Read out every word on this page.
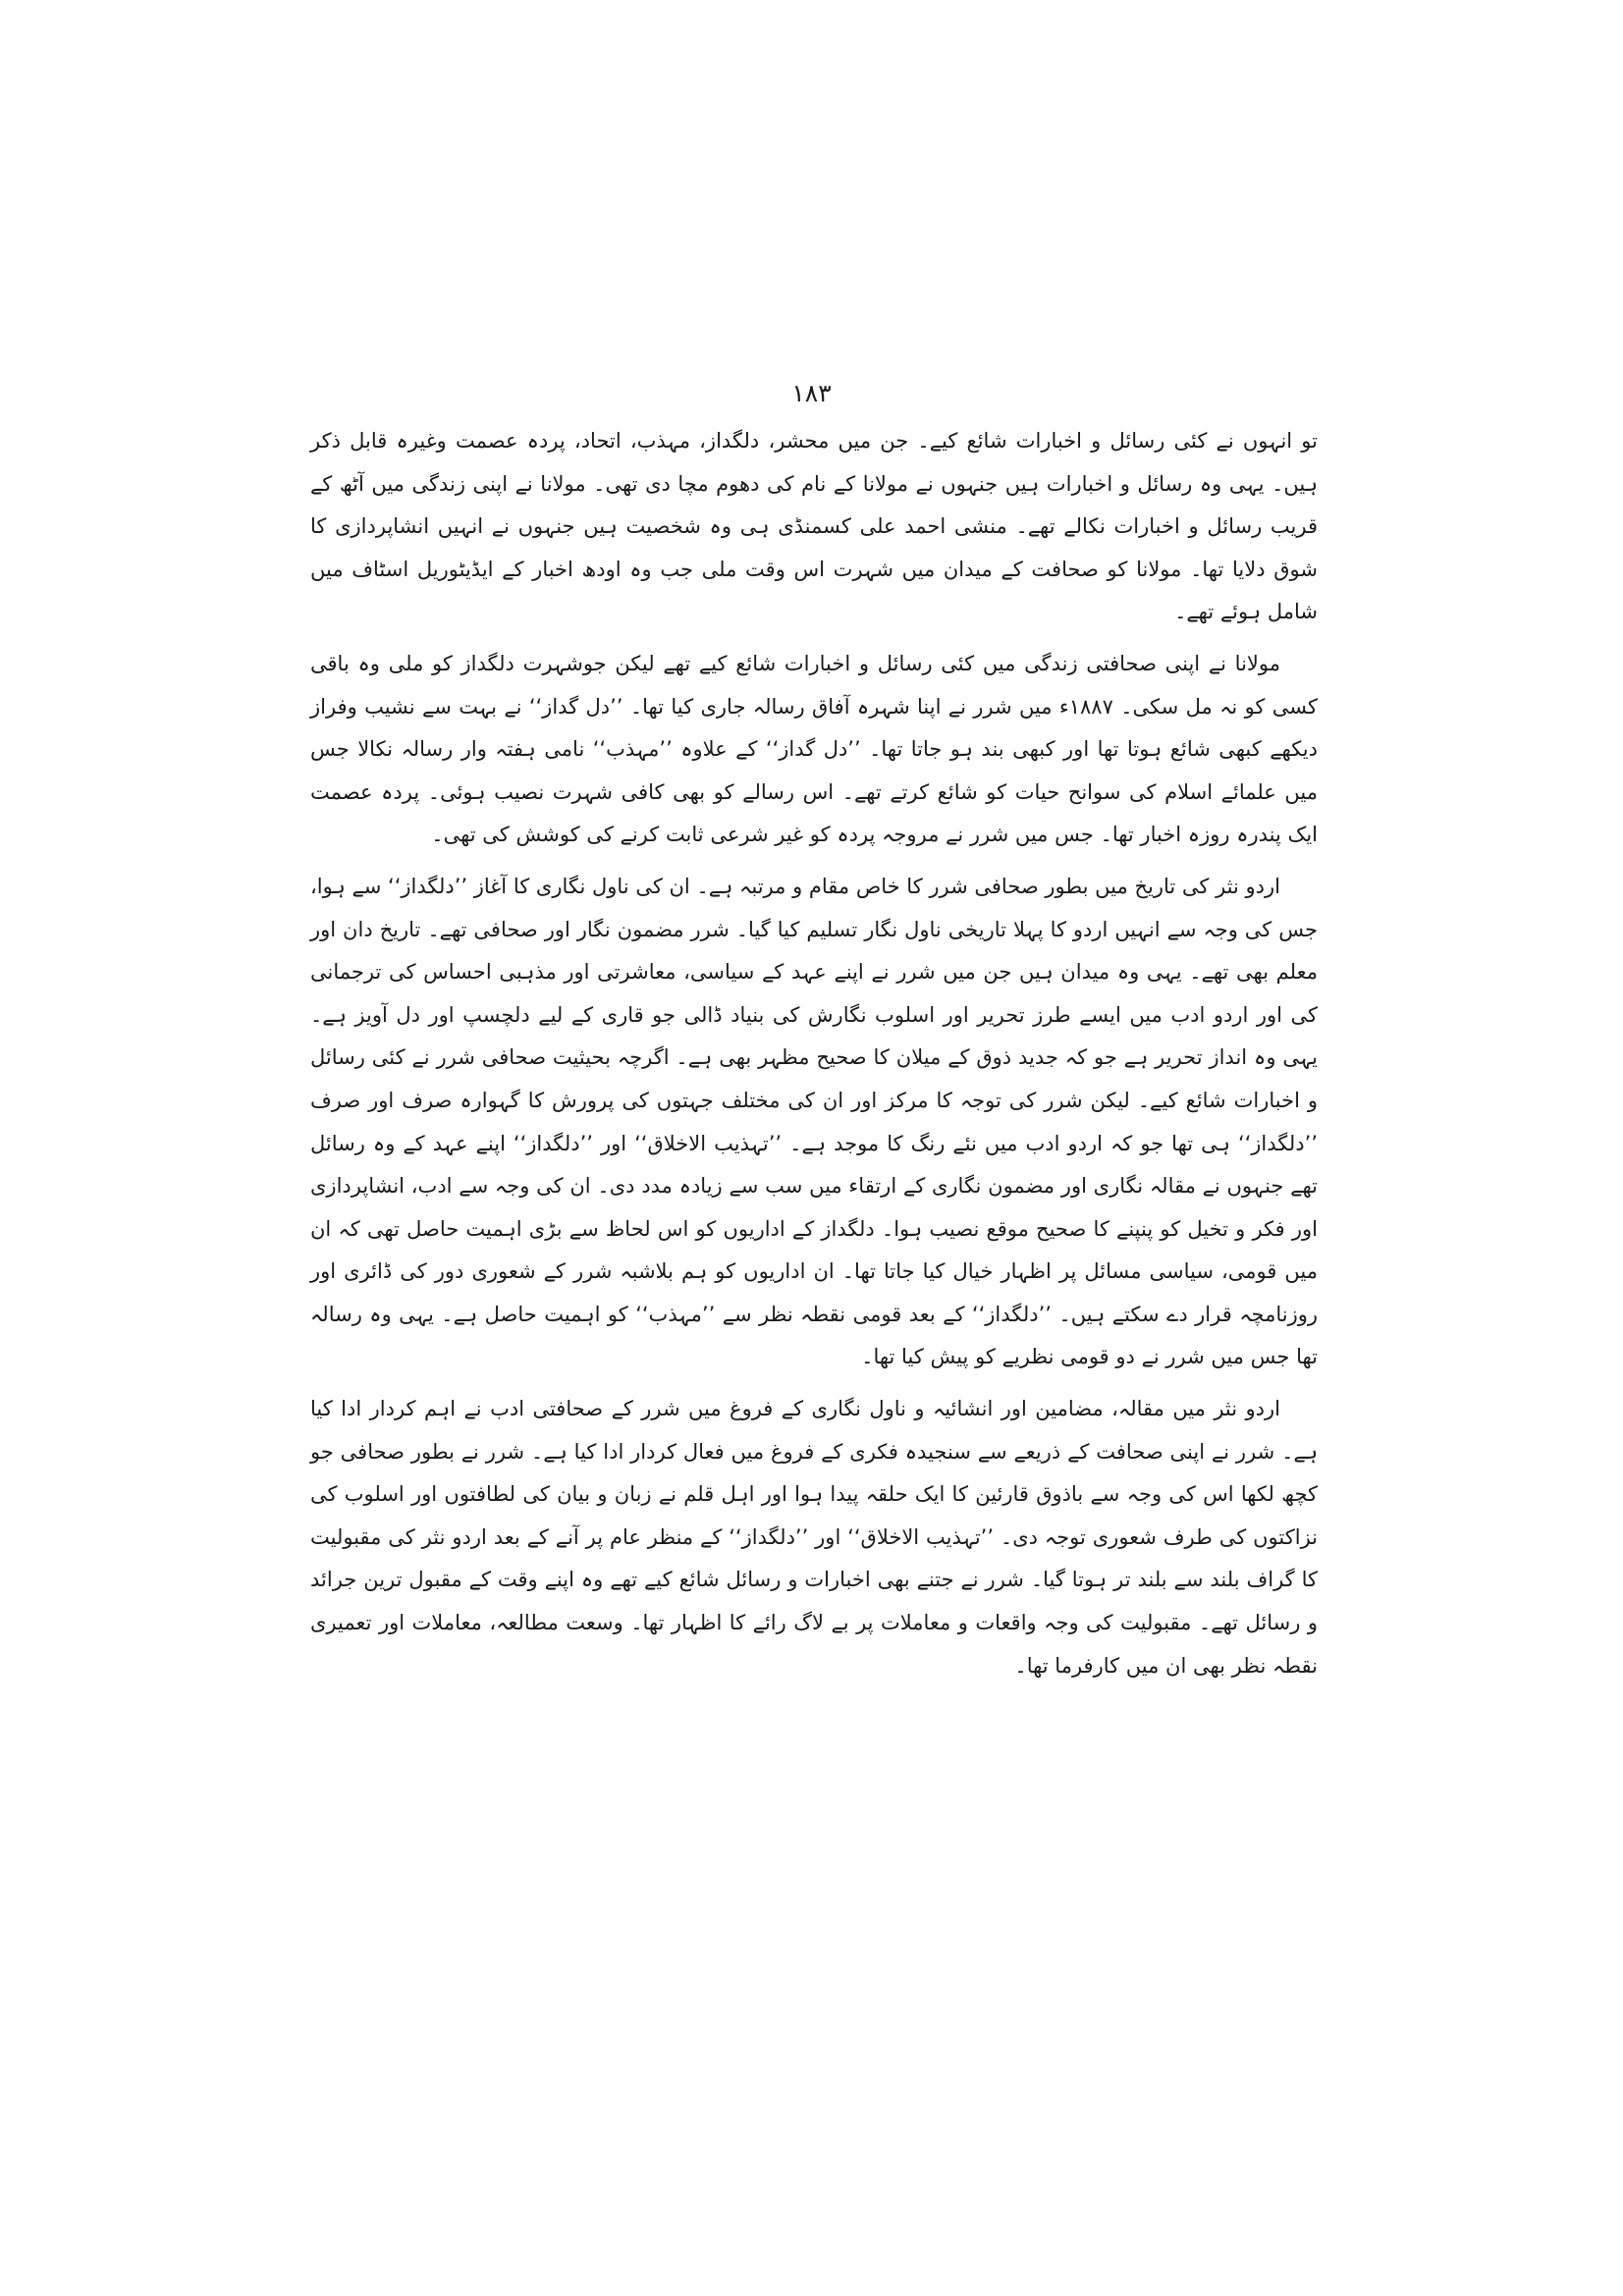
۱۸۳

تو انہوں نے کئی رسائل و اخبارات شائع کیے۔ جن میں محشر، دلگداز، مہذب، اتحاد، پردہ عصمت وغیرہ قابل ذکر ہیں۔ یہی وہ رسائل و اخبارات ہیں جنہوں نے مولانا کے نام کی دھوم مچا دی تھی۔ مولانا نے اپنی زندگی میں آٹھ کے قریب رسائل و اخبارات نکالے تھے۔ منشی احمد علی کسمنڈی ہی وہ شخصیت ہیں جنہوں نے انہیں انشاپردازی کا شوق دلایا تھا۔ مولانا کو صحافت کے میدان میں شہرت اس وقت ملی جب وہ اودھ اخبار کے ایڈیٹوریل اسٹاف میں شامل ہوئے تھے۔

مولانا نے اپنی صحافتی زندگی میں کئی رسائل و اخبارات شائع کیے تھے لیکن جوشہرت دلگداز کو ملی وہ باقی کسی کو نہ مل سکی۔ ۱۸۸۷ء میں شرر نے اپنا شہرہ آفاق رسالہ جاری کیا تھا۔ ’’دل گداز‘‘ نے بہت سے نشیب وفراز دیکھے کبھی شائع ہوتا تھا اور کبھی بند ہو جاتا تھا۔ ’’دل گداز‘‘ کے علاوہ ’’مہذب‘‘ نامی ہفتہ وار رسالہ نکالا جس میں علمائے اسلام کی سوانح حیات کو شائع کرتے تھے۔ اس رسالے کو بھی کافی شہرت نصیب ہوئی۔ پردہ عصمت ایک پندرہ روزہ اخبار تھا۔ جس میں شرر نے مروجہ پردہ کو غیر شرعی ثابت کرنے کی کوشش کی تھی۔

اردو نثر کی تاریخ میں بطور صحافی شرر کا خاص مقام و مرتبہ ہے۔ ان کی ناول نگاری کا آغاز ’’دلگداز‘‘ سے ہوا، جس کی وجہ سے انہیں اردو کا پہلا تاریخی ناول نگار تسلیم کیا گیا۔ شرر مضمون نگار اور صحافی تھے۔ تاریخ دان اور معلم بھی تھے۔ یہی وہ میدان ہیں جن میں شرر نے اپنے عہد کے سیاسی، معاشرتی اور مذہبی احساس کی ترجمانی کی اور اردو ادب میں ایسے طرز تحریر اور اسلوب نگارش کی بنیاد ڈالی جو قاری کے لیے دلچسپ اور دل آویز ہے۔ یہی وہ انداز تحریر ہے جو کہ جدید ذوق کے میلان کا صحیح مظہر بھی ہے۔ اگرچہ بحیثیت صحافی شرر نے کئی رسائل و اخبارات شائع کیے۔ لیکن شرر کی توجہ کا مرکز اور ان کی مختلف جہتوں کی پرورش کا گہوارہ صرف اور صرف ’’دلگداز‘‘ ہی تھا جو کہ اردو ادب میں نئے رنگ کا موجد ہے۔ ’’تہذیب الاخلاق‘‘ اور ’’دلگداز‘‘ اپنے عہد کے وہ رسائل تھے جنہوں نے مقالہ نگاری اور مضمون نگاری کے ارتقاء میں سب سے زیادہ مدد دی۔ ان کی وجہ سے ادب، انشاپردازی اور فکر و تخیل کو پنپنے کا صحیح موقع نصیب ہوا۔ دلگداز کے اداریوں کو اس لحاظ سے بڑی اہمیت حاصل تھی کہ ان میں قومی، سیاسی مسائل پر اظہار خیال کیا جاتا تھا۔ ان اداریوں کو ہم بلاشبہ شرر کے شعوری دور کی ڈائری اور روزنامچہ قرار دے سکتے ہیں۔ ’’دلگداز‘‘ کے بعد قومی نقطہ نظر سے ’’مہذب‘‘ کو اہمیت حاصل ہے۔ یہی وہ رسالہ تھا جس میں شرر نے دو قومی نظریے کو پیش کیا تھا۔

اردو نثر میں مقالہ، مضامین اور انشائیہ و ناول نگاری کے فروغ میں شرر کے صحافتی ادب نے اہم کردار ادا کیا ہے۔ شرر نے اپنی صحافت کے ذریعے سے سنجیدہ فکری کے فروغ میں فعال کردار ادا کیا ہے۔ شرر نے بطور صحافی جو کچھ لکھا اس کی وجہ سے باذوق قارئین کا ایک حلقہ پیدا ہوا اور اہل قلم نے زبان و بیان کی لطافتوں اور اسلوب کی نزاکتوں کی طرف شعوری توجہ دی۔ ’’تہذیب الاخلاق‘‘ اور ’’دلگداز‘‘ کے منظر عام پر آنے کے بعد اردو نثر کی مقبولیت کا گراف بلند سے بلند تر ہوتا گیا۔ شرر نے جتنے بھی اخبارات و رسائل شائع کیے تھے وہ اپنے وقت کے مقبول ترین جرائد و رسائل تھے۔ مقبولیت کی وجہ واقعات و معاملات پر بے لاگ رائے کا اظہار تھا۔ وسعت مطالعہ، معاملات اور تعمیری نقطہ نظر بھی ان میں کارفرما تھا۔
